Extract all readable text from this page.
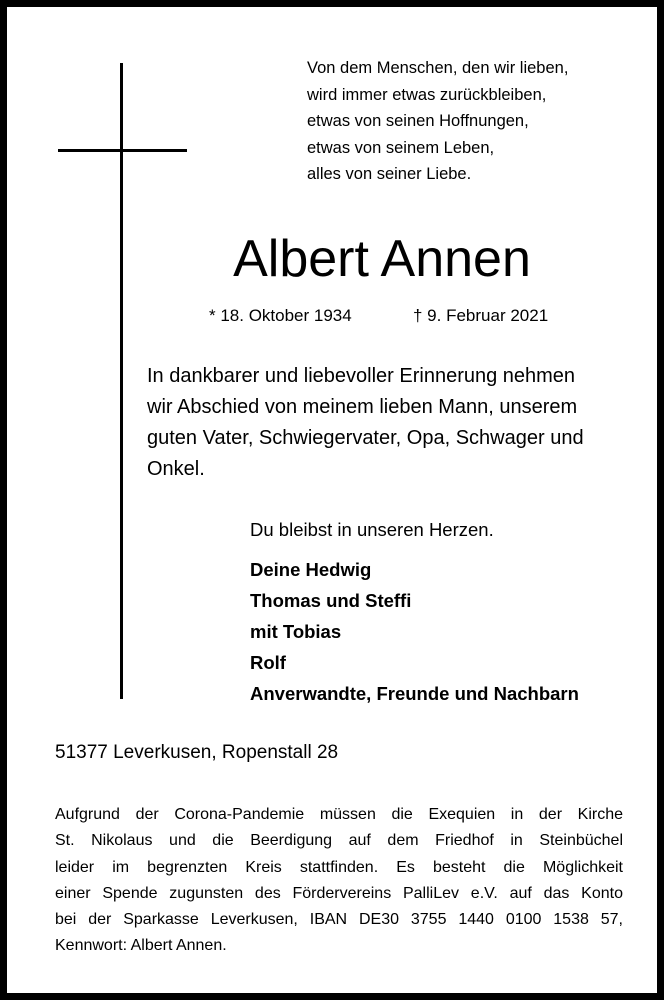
Von dem Menschen, den wir lieben,
wird immer etwas zurückbleiben,
etwas von seinen Hoffnungen,
etwas von seinem Leben,
alles von seiner Liebe.
Albert Annen
* 18. Oktober 1934	† 9. Februar 2021
In dankbarer und liebevoller Erinnerung nehmen
wir Abschied von meinem lieben Mann, unserem
guten Vater, Schwiegervater, Opa, Schwager und
Onkel.
Du bleibst in unseren Herzen.
Deine Hedwig
Thomas und Steffi
mit Tobias
Rolf
Anverwandte, Freunde und Nachbarn
51377 Leverkusen, Ropenstall 28
Aufgrund der Corona-Pandemie müssen die Exequien in der Kirche
St. Nikolaus und die Beerdigung auf dem Friedhof in Steinbüchel
leider im begrenzten Kreis stattfinden. Es besteht die Möglichkeit
einer Spende zugunsten des Fördervereins PalliLev e.V. auf das Konto
bei der Sparkasse Leverkusen, IBAN DE30 3755 1440 0100 1538 57,
Kennwort: Albert Annen.
